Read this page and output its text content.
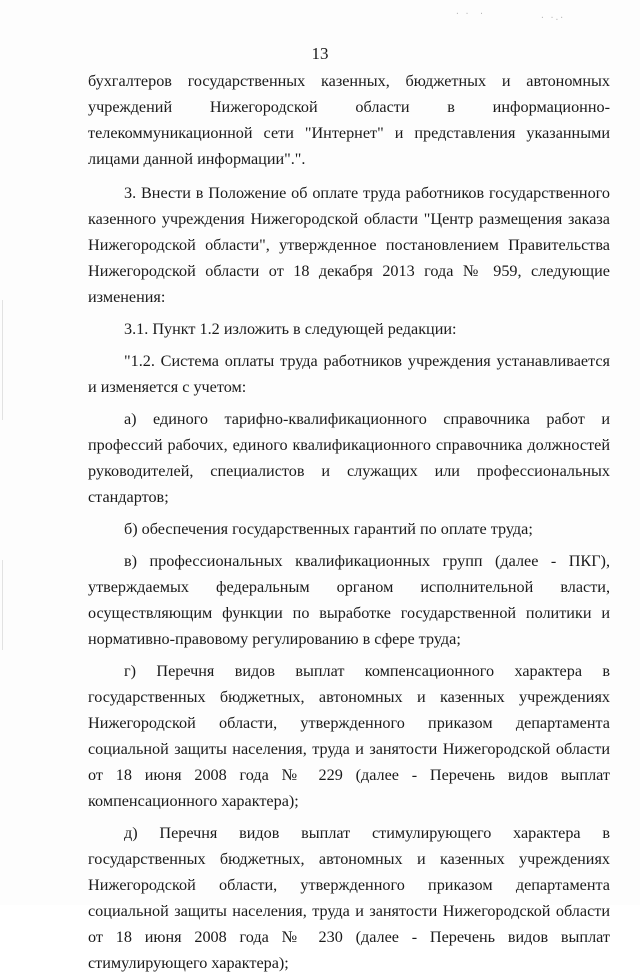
· ·  ·	· ·.·
13

бухгалтеров государственных казенных, бюджетных и автономных учреждений Нижегородской области в информационно-телекоммуникационной сети "Интернет" и представления указанными лицами данной информации".".

3. Внести в Положение об оплате труда работников государственного казенного учреждения Нижегородской области "Центр размещения заказа Нижегородской области", утвержденное постановлением Правительства Нижегородской области от 18 декабря 2013 года № 959, следующие изменения:

3.1. Пункт 1.2 изложить в следующей редакции:

"1.2. Система оплаты труда работников учреждения устанавливается и изменяется с учетом:

а) единого тарифно-квалификационного справочника работ и профессий рабочих, единого квалификационного справочника должностей руководителей, специалистов и служащих или профессиональных стандартов;

б) обеспечения государственных гарантий по оплате труда;

в) профессиональных квалификационных групп (далее - ПКГ), утверждаемых федеральным органом исполнительной власти, осуществляющим функции по выработке государственной политики и нормативно-правовому регулированию в сфере труда;

г) Перечня видов выплат компенсационного характера в государственных бюджетных, автономных и казенных учреждениях Нижегородской области, утвержденного приказом департамента социальной защиты населения, труда и занятости Нижегородской области от 18 июня 2008 года № 229 (далее - Перечень видов выплат компенсационного характера);

д) Перечня видов выплат стимулирующего характера в государственных бюджетных, автономных и казенных учреждениях Нижегородской области, утвержденного приказом департамента социальной защиты населения, труда и занятости Нижегородской области от 18 июня 2008 года № 230 (далее - Перечень видов выплат стимулирующего характера);
